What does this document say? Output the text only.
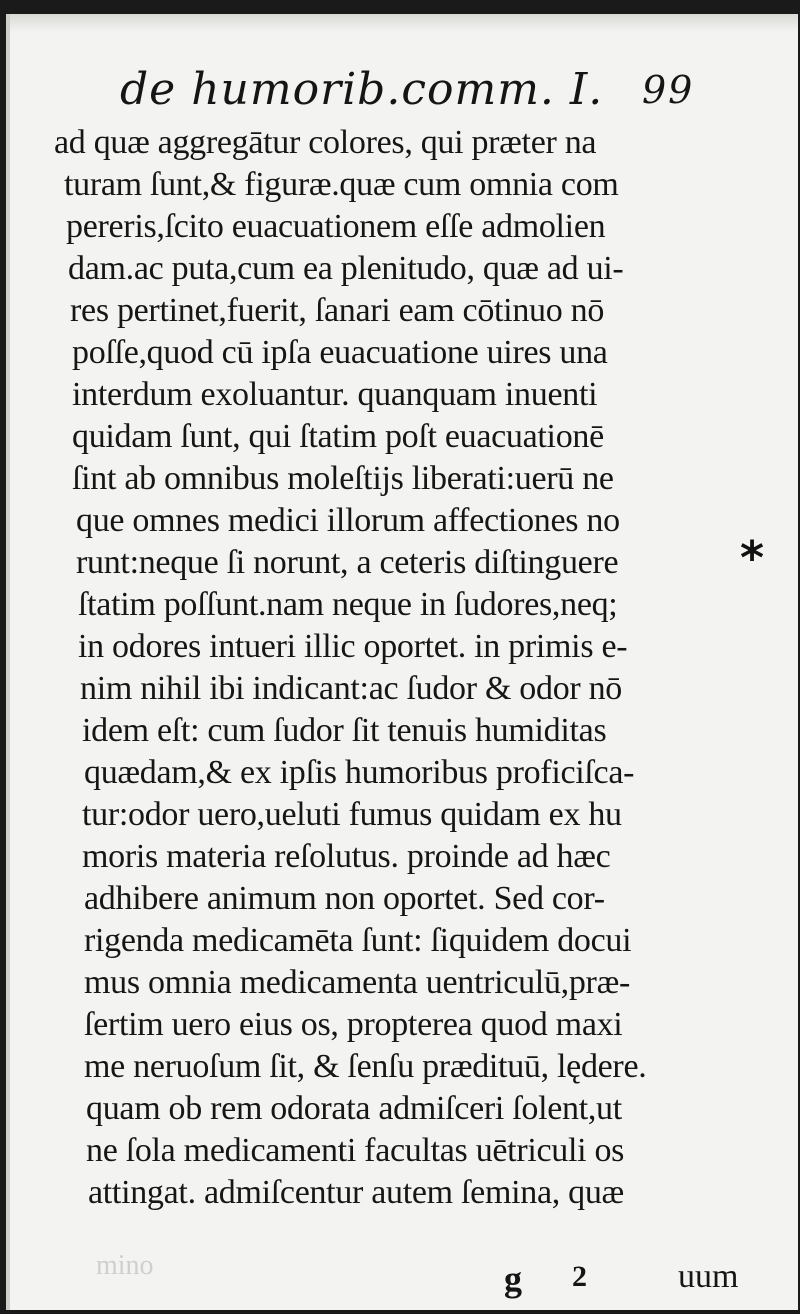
de humorib.comm. I. 99
ad quæ aggregātur colores, qui præter na
turam ſunt,& figuræ.quæ cum omnia com
pereris,ſcito euacuationem eſſe admolien
dam.ac puta,cum ea plenitudo, quæ ad ui-
res pertinet,fuerit, ſanari eam cōtinuo nō
poſſe,quod cū ipſa euacuatione uires una
interdum exoluantur. quanquam inuenti
quidam ſunt, qui ſtatim poſt euacuationē
ſint ab omnibus moleſtijs liberati:uerū ne
que omnes medici illorum affectiones no
runt:neque ſi norunt, a ceteris diſtinguere
ſtatim poſſunt.nam neque in ſudores,neq;
in odores intueri illic oportet. in primis e-
nim nihil ibi indicant:ac ſudor & odor nō
idem eſt: cum ſudor ſit tenuis humiditas
quædam,& ex ipſis humoribus proficiſca-
tur:odor uero,ueluti fumus quidam ex hu
moris materia reſolutus. proinde ad hæc
adhibere animum non oportet. Sed cor-
rigenda medicamēta ſunt: ſiquidem docui
mus omnia medicamenta uentriculū,præ-
ſertim uero eius os, propterea quod maxi
me neruoſum ſit, & ſenſu prædituū, lędere.
quam ob rem odorata admiſceri ſolent,ut
ne ſola medicamenti facultas uētriculi os
attingat. admiſcentur autem ſemina, quæ
*
mino	g 2	uum
